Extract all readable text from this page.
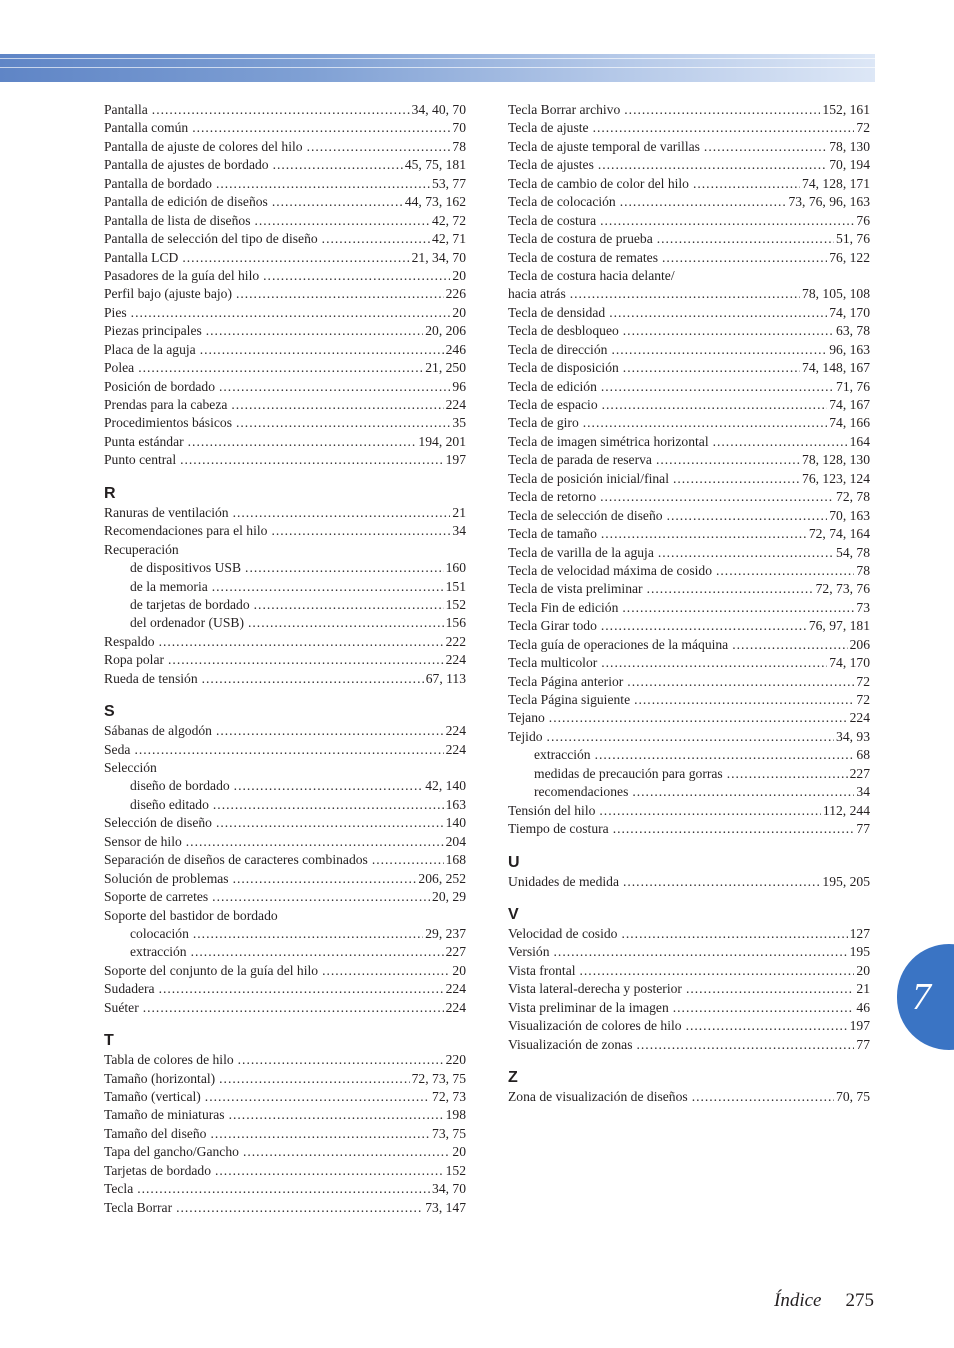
Pantalla . . .	34, 40, 70
Pantalla común . . .	70
Pantalla de ajuste de colores del hilo . . .	78
Pantalla de ajustes de bordado . . .	45, 75, 181
Pantalla de bordado . . .	53, 77
Pantalla de edición de diseños . . .	44, 73, 162
Pantalla de lista de diseños . . .	42, 72
Pantalla de selección del tipo de diseño . . .	42, 71
Pantalla LCD . . .	21, 34, 70
Pasadores de la guía del hilo . . .	20
Perfil bajo (ajuste bajo) . . .	226
Pies . . .	20
Piezas principales . . .	20, 206
Placa de la aguja . . .	246
Polea . . .	21, 250
Posición de bordado . . .	96
Prendas para la cabeza . . .	224
Procedimientos básicos . . .	35
Punta estándar . . .	194, 201
Punto central . . .	197
R
Ranuras de ventilación . . .	21
Recomendaciones para el hilo . . .	34
Recuperación
de dispositivos USB . . .	160
de la memoria . . .	151
de tarjetas de bordado . . .	152
del ordenador (USB) . . .	156
Respaldo . . .	222
Ropa polar . . .	224
Rueda de tensión . . .	67, 113
S
Sábanas de algodón . . .	224
Seda . . .	224
Selección
diseño de bordado . . .	42, 140
diseño editado . . .	163
Selección de diseño . . .	140
Sensor de hilo . . .	204
Separación de diseños de caracteres combinados . . .	168
Solución de problemas . . .	206, 252
Soporte de carretes . . .	20, 29
Soporte del bastidor de bordado
colocación . . .	29, 237
extracción . . .	227
Soporte del conjunto de la guía del hilo . . .	20
Sudadera . . .	224
Suéter . . .	224
T
Tabla de colores de hilo . . .	220
Tamaño (horizontal) . . .	72, 73, 75
Tamaño (vertical) . . .	72, 73
Tamaño de miniaturas . . .	198
Tamaño del diseño . . .	73, 75
Tapa del gancho/Gancho . . .	20
Tarjetas de bordado . . .	152
Tecla . . .	34, 70
Tecla Borrar . . .	73, 147
Tecla Borrar archivo . . .	152, 161
Tecla de ajuste . . .	72
Tecla de ajuste temporal de varillas . . .	78, 130
Tecla de ajustes . . .	70, 194
Tecla de cambio de color del hilo . . .	74, 128, 171
Tecla de colocación . . .	73, 76, 96, 163
Tecla de costura . . .	76
Tecla de costura de prueba . . .	51, 76
Tecla de costura de remates . . .	76, 122
Tecla de costura hacia delante/
hacia atrás . . .	78, 105, 108
Tecla de densidad . . .	74, 170
Tecla de desbloqueo . . .	63, 78
Tecla de dirección . . .	96, 163
Tecla de disposición . . .	74, 148, 167
Tecla de edición . . .	71, 76
Tecla de espacio . . .	74, 167
Tecla de giro . . .	74, 166
Tecla de imagen simétrica horizontal . . .	164
Tecla de parada de reserva . . .	78, 128, 130
Tecla de posición inicial/final . . .	76, 123, 124
Tecla de retorno . . .	72, 78
Tecla de selección de diseño . . .	70, 163
Tecla de tamaño . . .	72, 74, 164
Tecla de varilla de la aguja . . .	54, 78
Tecla de velocidad máxima de cosido . . .	78
Tecla de vista preliminar . . .	72, 73, 76
Tecla Fin de edición . . .	73
Tecla Girar todo . . .	76, 97, 181
Tecla guía de operaciones de la máquina . . .	206
Tecla multicolor . . .	74, 170
Tecla Página anterior . . .	72
Tecla Página siguiente . . .	72
Tejano . . .	224
Tejido . . .	34, 93
extracción . . .	68
medidas de precaución para gorras . . .	227
recomendaciones . . .	34
Tensión del hilo . . .	112, 244
Tiempo de costura . . .	77
U
Unidades de medida . . .	195, 205
V
Velocidad de cosido . . .	127
Versión . . .	195
Vista frontal . . .	20
Vista lateral-derecha y posterior . . .	21
Vista preliminar de la imagen . . .	46
Visualización de colores de hilo . . .	197
Visualización de zonas . . .	77
Z
Zona de visualización de diseños . . .	70, 75
7
Índice 275
